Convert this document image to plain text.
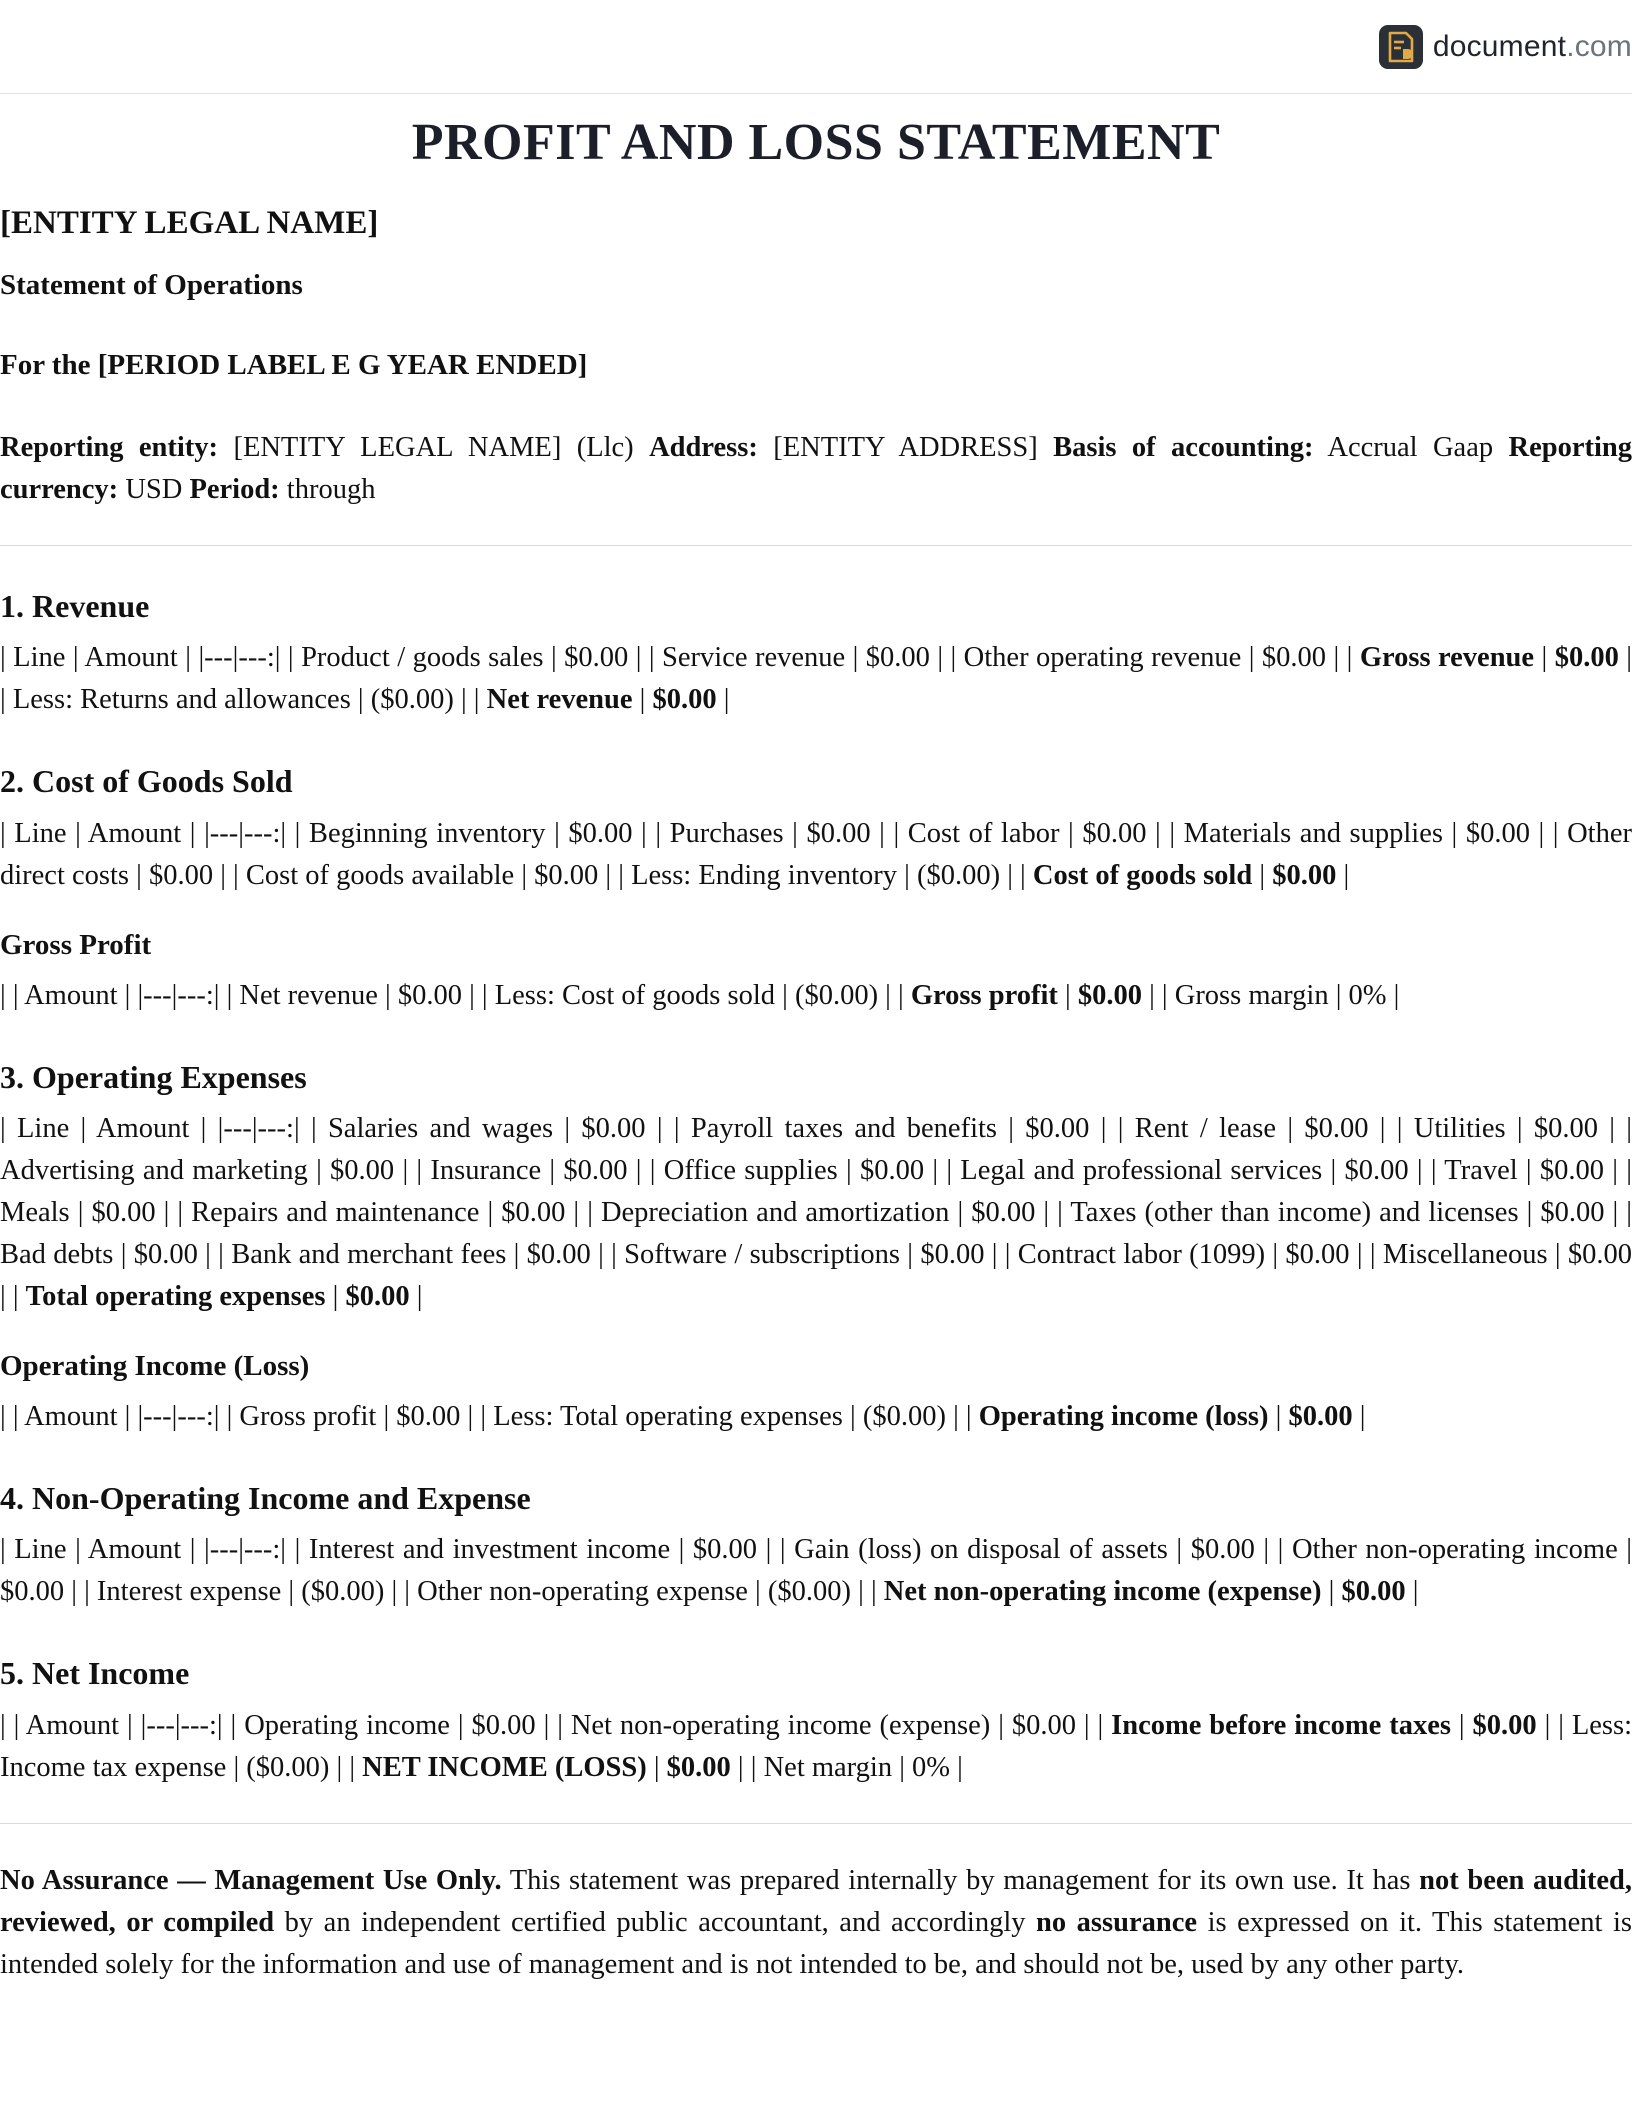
document.com
PROFIT AND LOSS STATEMENT
[ENTITY LEGAL NAME]
Statement of Operations
For the [PERIOD LABEL E G YEAR ENDED]

Reporting entity: [ENTITY LEGAL NAME] (Llc) Address: [ENTITY ADDRESS] Basis of accounting: Accrual Gaap Reporting currency: USD Period: through

1. Revenue

| Line | Amount | |---|---:| | Product / goods sales | $0.00 | | Service revenue | $0.00 | | Other operating revenue | $0.00 | | Gross revenue | $0.00 | | Less: Returns and allowances | ($0.00) | | Net revenue | $0.00 |

2. Cost of Goods Sold

| Line | Amount | |---|---:| | Beginning inventory | $0.00 | | Purchases | $0.00 | | Cost of labor | $0.00 | | Materials and supplies | $0.00 | | Other direct costs | $0.00 | | Cost of goods available | $0.00 | | Less: Ending inventory | ($0.00) | | Cost of goods sold | $0.00 |

Gross Profit

| | Amount | |---|---:| | Net revenue | $0.00 | | Less: Cost of goods sold | ($0.00) | | Gross profit | $0.00 | | Gross margin | 0% |

3. Operating Expenses

| Line | Amount | |---|---:| | Salaries and wages | $0.00 | | Payroll taxes and benefits | $0.00 | | Rent / lease | $0.00 | | Utilities | $0.00 | | Advertising and marketing | $0.00 | | Insurance | $0.00 | | Office supplies | $0.00 | | Legal and professional services | $0.00 | | Travel | $0.00 | | Meals | $0.00 | | Repairs and maintenance | $0.00 | | Depreciation and amortization | $0.00 | | Taxes (other than income) and licenses | $0.00 | | Bad debts | $0.00 | | Bank and merchant fees | $0.00 | | Software / subscriptions | $0.00 | | Contract labor (1099) | $0.00 | | Miscellaneous | $0.00 | | Total operating expenses | $0.00 |

Operating Income (Loss)

| | Amount | |---|---:| | Gross profit | $0.00 | | Less: Total operating expenses | ($0.00) | | Operating income (loss) | $0.00 |

4. Non-Operating Income and Expense

| Line | Amount | |---|---:| | Interest and investment income | $0.00 | | Gain (loss) on disposal of assets | $0.00 | | Other non-operating income | $0.00 | | Interest expense | ($0.00) | | Other non-operating expense | ($0.00) | | Net non-operating income (expense) | $0.00 |

5. Net Income

| | Amount | |---|---:| | Operating income | $0.00 | | Net non-operating income (expense) | $0.00 | | Income before income taxes | $0.00 | | Less: Income tax expense | ($0.00) | | NET INCOME (LOSS) | $0.00 | | Net margin | 0% |

No Assurance — Management Use Only. This statement was prepared internally by management for its own use. It has not been audited, reviewed, or compiled by an independent certified public accountant, and accordingly no assurance is expressed on it. This statement is intended solely for the information and use of management and is not intended to be, and should not be, used by any other party.
